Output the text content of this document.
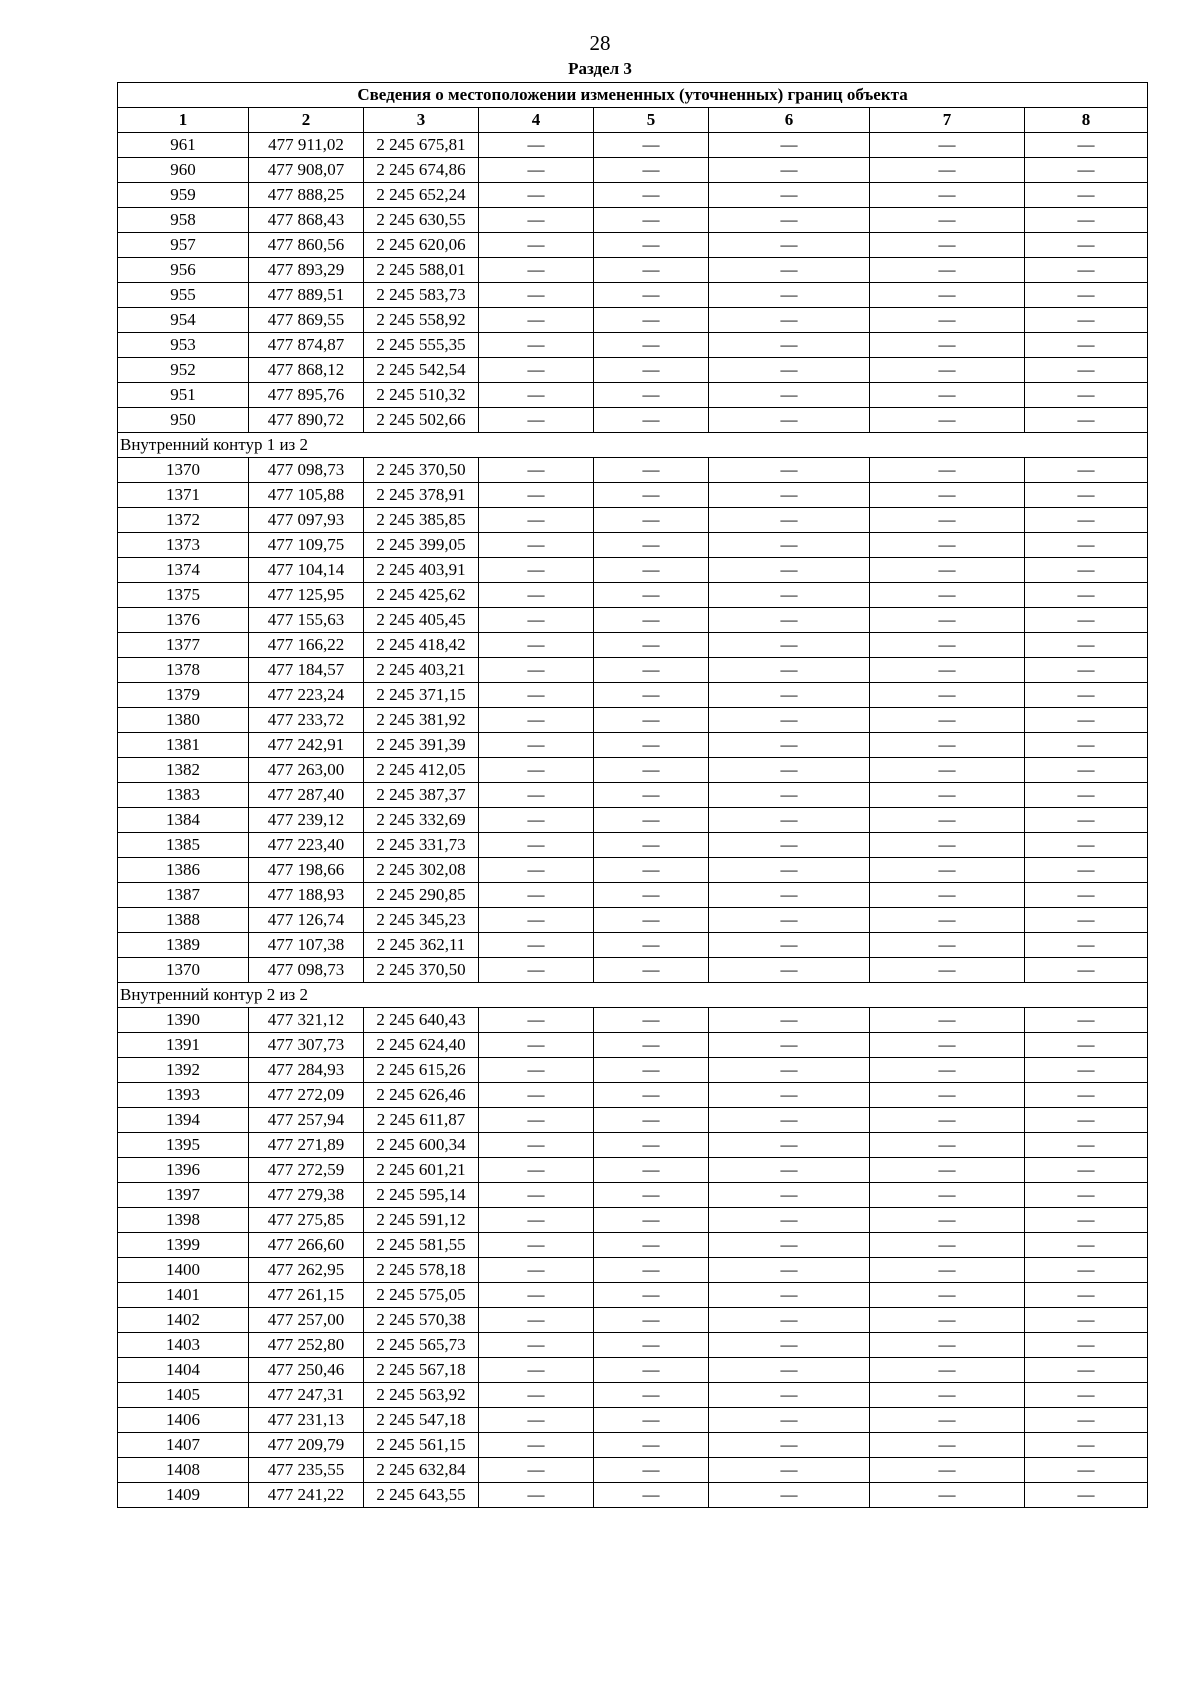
28
Раздел 3
Сведения о местоположении измененных (уточненных) границ объекта							
1	2	3	4	5	6	7	8
961	477 911,02	2 245 675,81	—	—	—	—	—
960	477 908,07	2 245 674,86	—	—	—	—	—
959	477 888,25	2 245 652,24	—	—	—	—	—
958	477 868,43	2 245 630,55	—	—	—	—	—
957	477 860,56	2 245 620,06	—	—	—	—	—
956	477 893,29	2 245 588,01	—	—	—	—	—
955	477 889,51	2 245 583,73	—	—	—	—	—
954	477 869,55	2 245 558,92	—	—	—	—	—
953	477 874,87	2 245 555,35	—	—	—	—	—
952	477 868,12	2 245 542,54	—	—	—	—	—
951	477 895,76	2 245 510,32	—	—	—	—	—
950	477 890,72	2 245 502,66	—	—	—	—	—
Внутренний контур 1 из 2							
1370	477 098,73	2 245 370,50	—	—	—	—	—
1371	477 105,88	2 245 378,91	—	—	—	—	—
1372	477 097,93	2 245 385,85	—	—	—	—	—
1373	477 109,75	2 245 399,05	—	—	—	—	—
1374	477 104,14	2 245 403,91	—	—	—	—	—
1375	477 125,95	2 245 425,62	—	—	—	—	—
1376	477 155,63	2 245 405,45	—	—	—	—	—
1377	477 166,22	2 245 418,42	—	—	—	—	—
1378	477 184,57	2 245 403,21	—	—	—	—	—
1379	477 223,24	2 245 371,15	—	—	—	—	—
1380	477 233,72	2 245 381,92	—	—	—	—	—
1381	477 242,91	2 245 391,39	—	—	—	—	—
1382	477 263,00	2 245 412,05	—	—	—	—	—
1383	477 287,40	2 245 387,37	—	—	—	—	—
1384	477 239,12	2 245 332,69	—	—	—	—	—
1385	477 223,40	2 245 331,73	—	—	—	—	—
1386	477 198,66	2 245 302,08	—	—	—	—	—
1387	477 188,93	2 245 290,85	—	—	—	—	—
1388	477 126,74	2 245 345,23	—	—	—	—	—
1389	477 107,38	2 245 362,11	—	—	—	—	—
1370	477 098,73	2 245 370,50	—	—	—	—	—
Внутренний контур 2 из 2							
1390	477 321,12	2 245 640,43	—	—	—	—	—
1391	477 307,73	2 245 624,40	—	—	—	—	—
1392	477 284,93	2 245 615,26	—	—	—	—	—
1393	477 272,09	2 245 626,46	—	—	—	—	—
1394	477 257,94	2 245 611,87	—	—	—	—	—
1395	477 271,89	2 245 600,34	—	—	—	—	—
1396	477 272,59	2 245 601,21	—	—	—	—	—
1397	477 279,38	2 245 595,14	—	—	—	—	—
1398	477 275,85	2 245 591,12	—	—	—	—	—
1399	477 266,60	2 245 581,55	—	—	—	—	—
1400	477 262,95	2 245 578,18	—	—	—	—	—
1401	477 261,15	2 245 575,05	—	—	—	—	—
1402	477 257,00	2 245 570,38	—	—	—	—	—
1403	477 252,80	2 245 565,73	—	—	—	—	—
1404	477 250,46	2 245 567,18	—	—	—	—	—
1405	477 247,31	2 245 563,92	—	—	—	—	—
1406	477 231,13	2 245 547,18	—	—	—	—	—
1407	477 209,79	2 245 561,15	—	—	—	—	—
1408	477 235,55	2 245 632,84	—	—	—	—	—
1409	477 241,22	2 245 643,55	—	—	—	—	—
